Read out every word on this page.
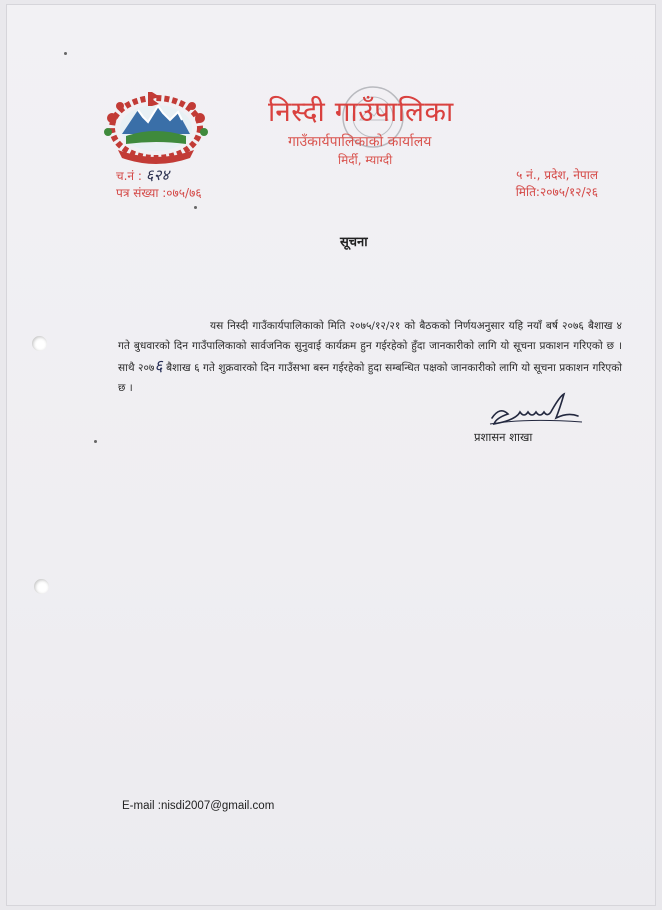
निस्दी गाउँपालिका
गाउँकार्यपालिकाको कार्यालय
मिर्दी, म्याग्दी
च.नं : ६२४
पत्र संख्या :०७५/७६
५ नं., प्रदेश, नेपाल
मिति:२०७५/१२/२६
सूचना
यस निस्दी गाउँकार्यपालिकाको मिति २०७५/१२/२१ को बैठकको निर्णयअनुसार यहि नयाँ बर्ष २०७६ बैशाख ४ गते बुधवारको दिन गाउँपालिकाको सार्वजनिक सुनुवाई कार्यक्रम हुन गईरहेको हुँदा जानकारीको लागि यो सूचना प्रकाशन गरिएको छ । साथै २०७६ बैशाख ६ गते शुक्रवारको दिन गाउँसभा बस्न गईरहेको हुदा सम्बन्धित पक्षको जानकारीको लागि यो सूचना प्रकाशन गरिएको छ ।
प्रशासन शाखा
E-mail :nisdi2007@gmail.com
